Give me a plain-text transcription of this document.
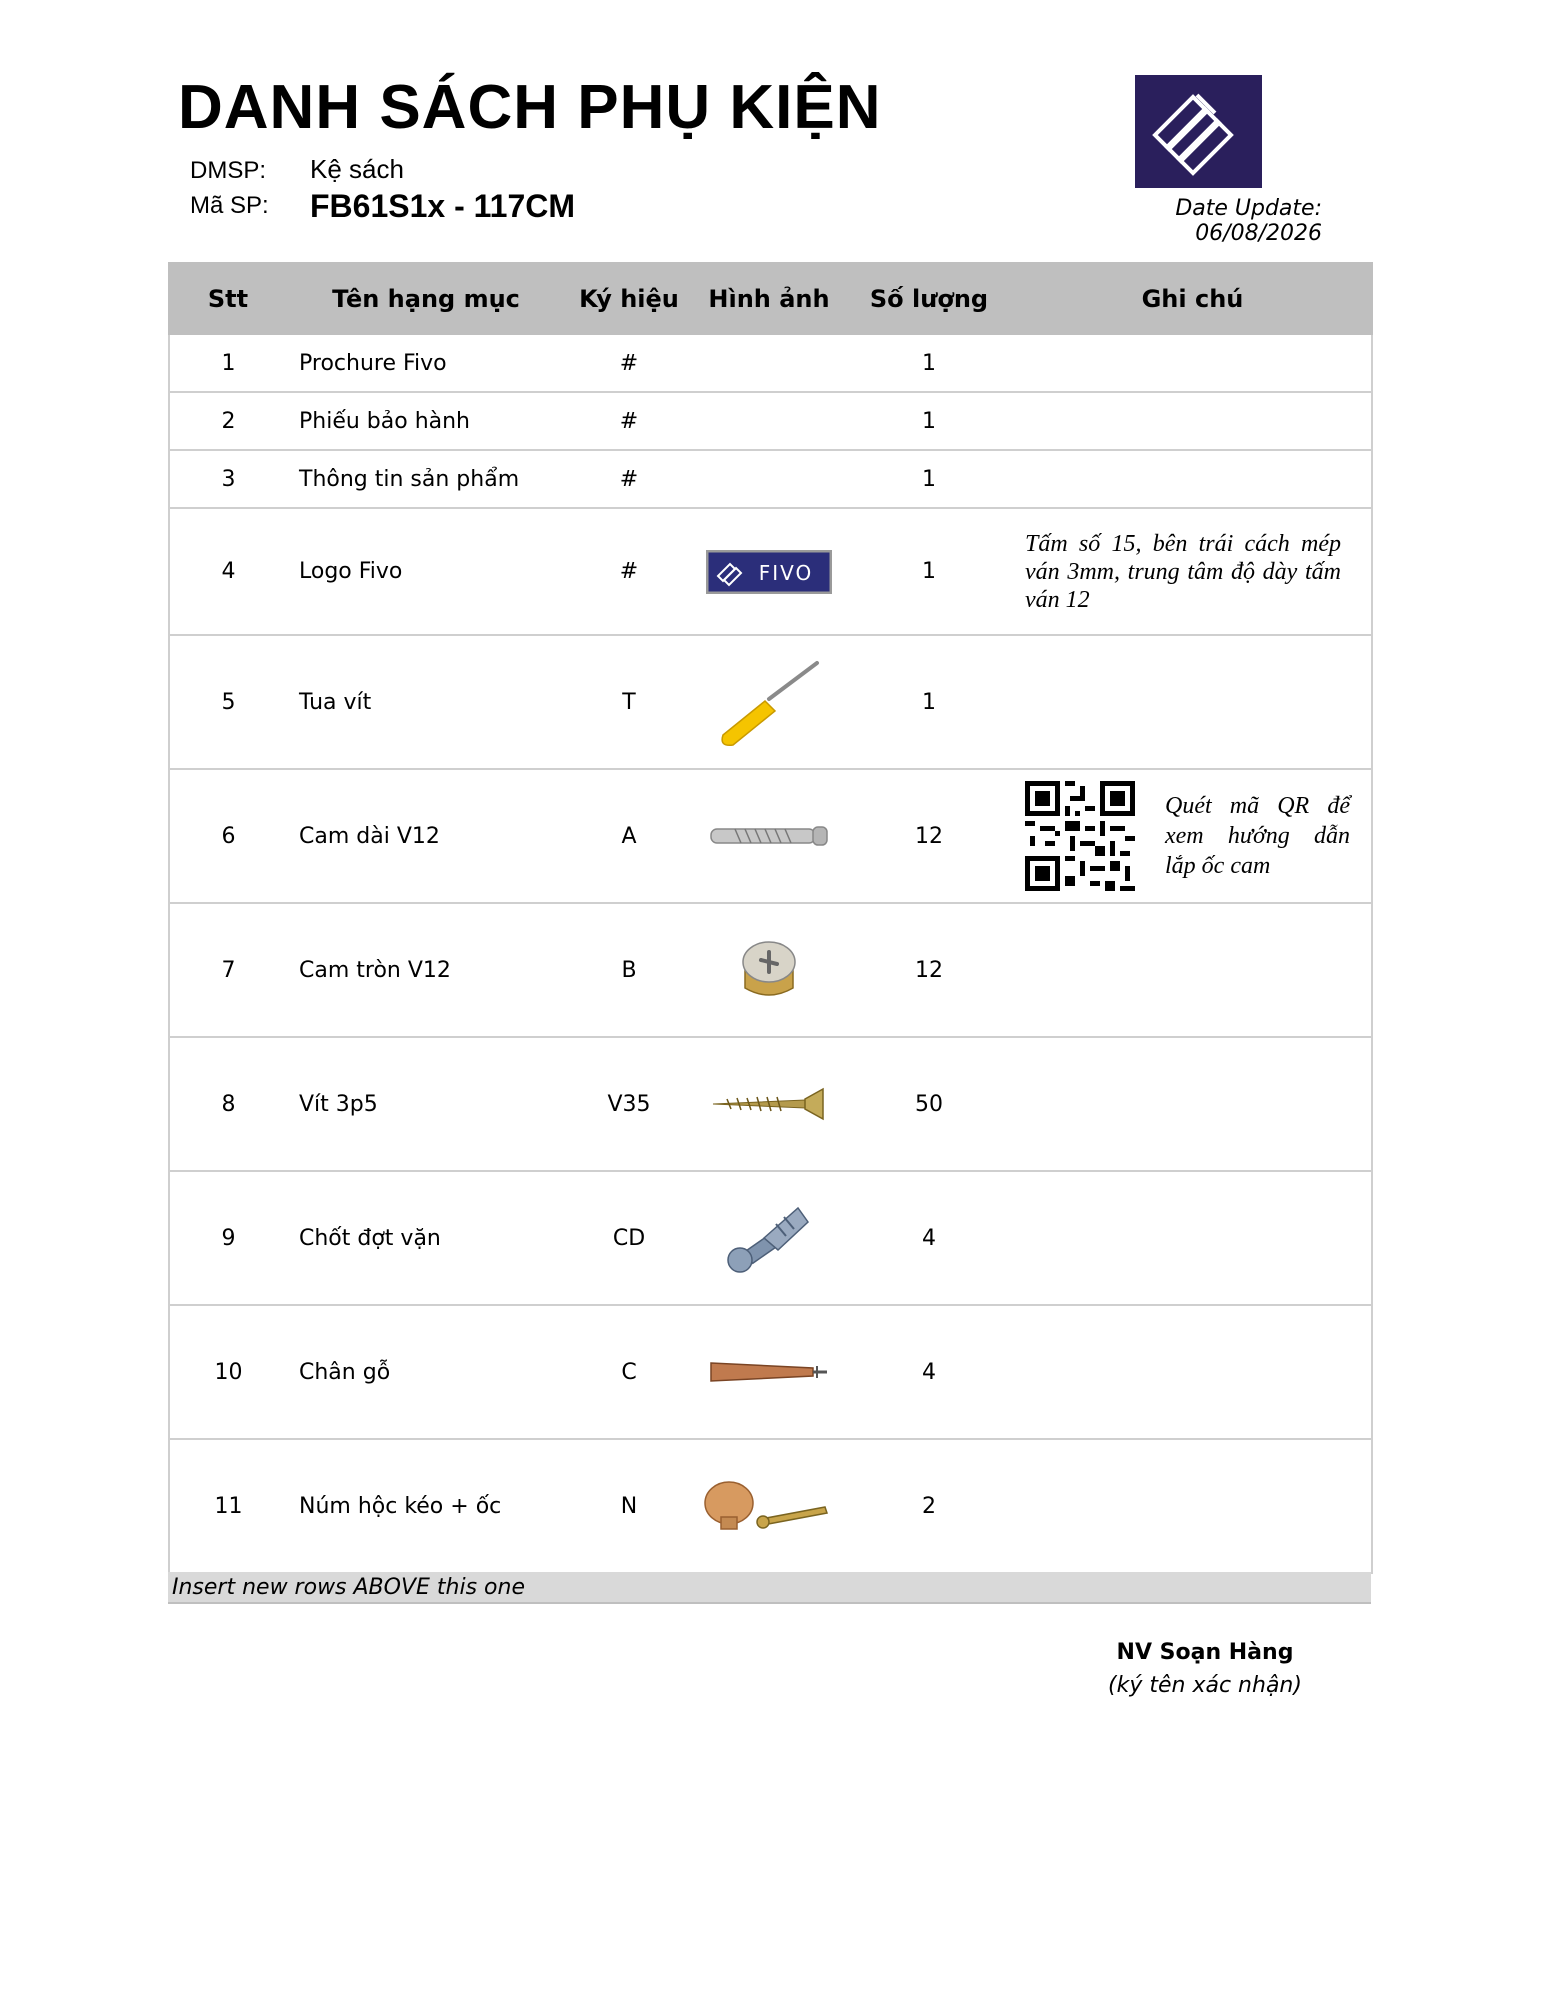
DANH SÁCH PHỤ KIỆN
DMSP: Kệ sách
Mã SP: FB61S1x - 117CM	Date Update: 06/08/2026
Stt	Tên hạng mục	Ký hiệu	Hình ảnh	Số lượng	Ghi chú
1	Prochure Fivo	#		1	
2	Phiếu bảo hành	#		1	
3	Thông tin sản phẩm	#		1	
4	Logo Fivo	#	FIVO	1	Tấm số 15, bên trái cách mép ván 3mm, trung tâm độ dày tấm ván 12

5	Tua vít	T		1	
6	Cam dài V12	A		12	Quét mã QR để xem hướng dẫn lắp ốc cam

7	Cam tròn V12	B		12	
8	Vít 3p5	V35		50	
9	Chốt đợt vặn	CD		4	
10	Chân gỗ	C		4	
11	Núm hộc kéo + ốc	N		2	
Insert new rows ABOVE this one
NV Soạn Hàng
(ký tên xác nhận)
